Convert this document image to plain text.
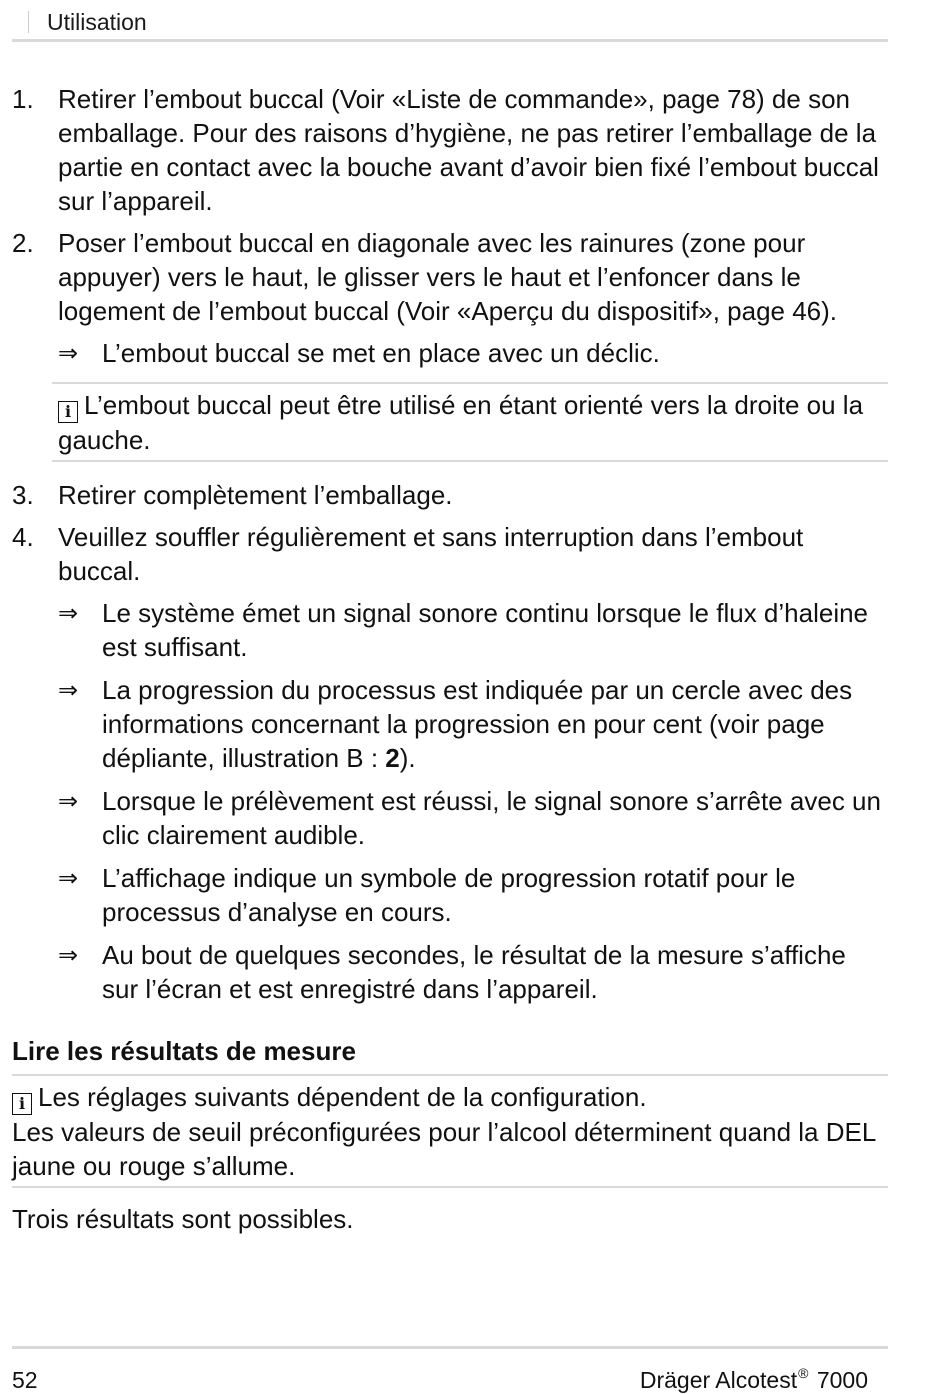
Utilisation
1. Retirer l’embout buccal (Voir «Liste de commande», page 78) de son emballage. Pour des raisons d’hygiène, ne pas retirer l’emballage de la partie en contact avec la bouche avant d’avoir bien fixé l’embout buccal sur l’appareil.
2. Poser l’embout buccal en diagonale avec les rainures (zone pour appuyer) vers le haut, le glisser vers le haut et l’enfoncer dans le logement de l’embout buccal (Voir «Aperçu du dispositif», page 46).
⇒ L’embout buccal se met en place avec un déclic.
i L’embout buccal peut être utilisé en étant orienté vers la droite ou la gauche.
3. Retirer complètement l’emballage.
4. Veuillez souffler régulièrement et sans interruption dans l’embout buccal.
⇒ Le système émet un signal sonore continu lorsque le flux d’haleine est suffisant.
⇒ La progression du processus est indiquée par un cercle avec des informations concernant la progression en pour cent (voir page dépliante, illustration B : 2).
⇒ Lorsque le prélèvement est réussi, le signal sonore s’arrête avec un clic clairement audible.
⇒ L’affichage indique un symbole de progression rotatif pour le processus d’analyse en cours.
⇒ Au bout de quelques secondes, le résultat de la mesure s’affiche sur l’écran et est enregistré dans l’appareil.
Lire les résultats de mesure
i Les réglages suivants dépendent de la configuration.
Les valeurs de seuil préconfigurées pour l’alcool déterminent quand la DEL jaune ou rouge s’allume.
Trois résultats sont possibles.
52	Dräger Alcotest® 7000
